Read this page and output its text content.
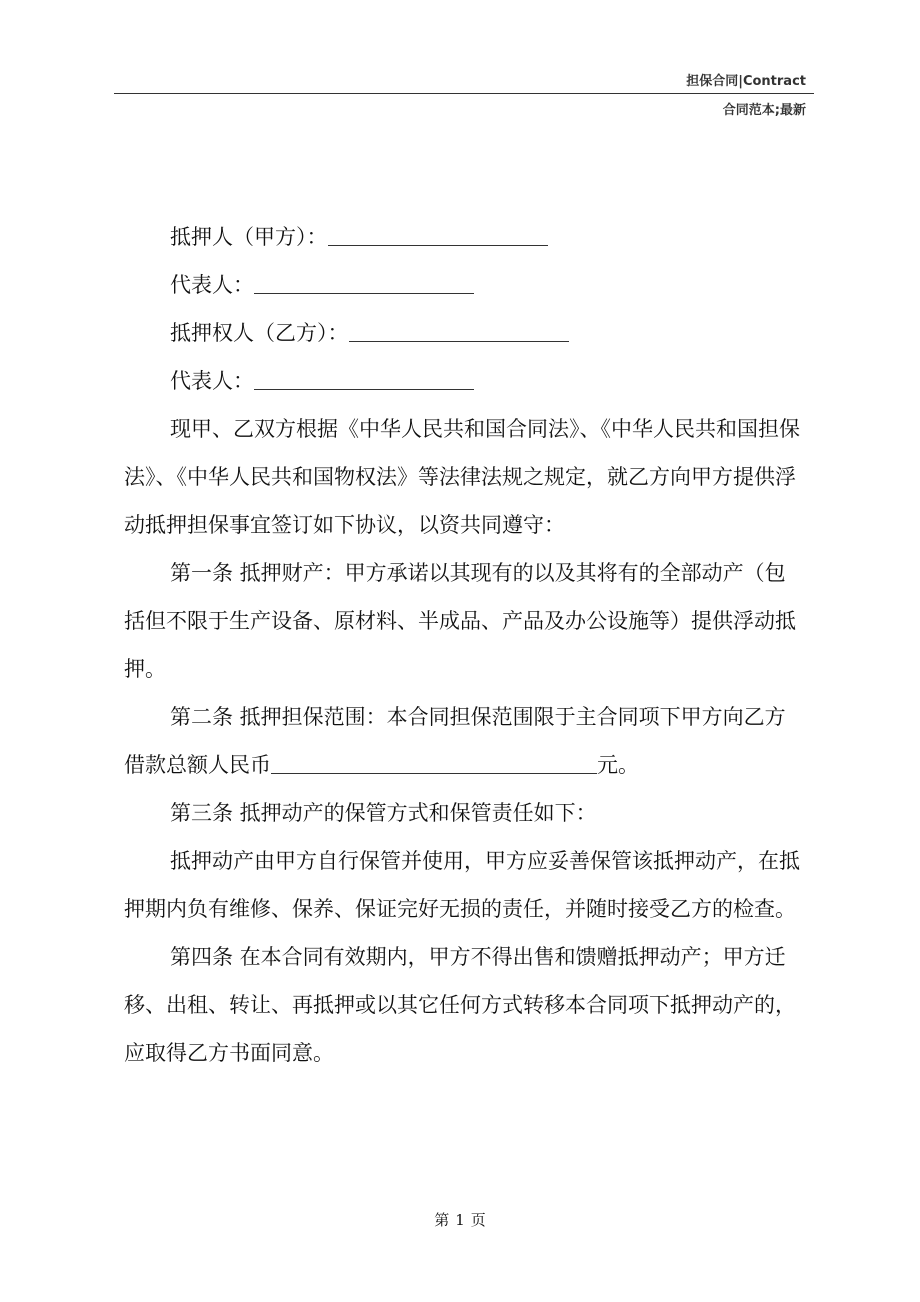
担保合同|Contract
合同范本;最新

抵押人（甲方）：

代表人：

抵押权人（乙方）：

代表人：

现甲、乙双方根据《中华人民共和国合同法》、《中华人民共和国担保法》、《中华人民共和国物权法》等法律法规之规定，就乙方向甲方提供浮动抵押担保事宜签订如下协议，以资共同遵守：

第一条 抵押财产：甲方承诺以其现有的以及其将有的全部动产（包括但不限于生产设备、原材料、半成品、产品及办公设施等）提供浮动抵押。

第二条 抵押担保范围：本合同担保范围限于主合同项下甲方向乙方借款总额人民币	元。

第三条 抵押动产的保管方式和保管责任如下：

抵押动产由甲方自行保管并使用，甲方应妥善保管该抵押动产，在抵押期内负有维修、保养、保证完好无损的责任，并随时接受乙方的检查。

第四条 在本合同有效期内，甲方不得出售和馈赠抵押动产；甲方迁移、出租、转让、再抵押或以其它任何方式转移本合同项下抵押动产的，应取得乙方书面同意。

第 1 页
